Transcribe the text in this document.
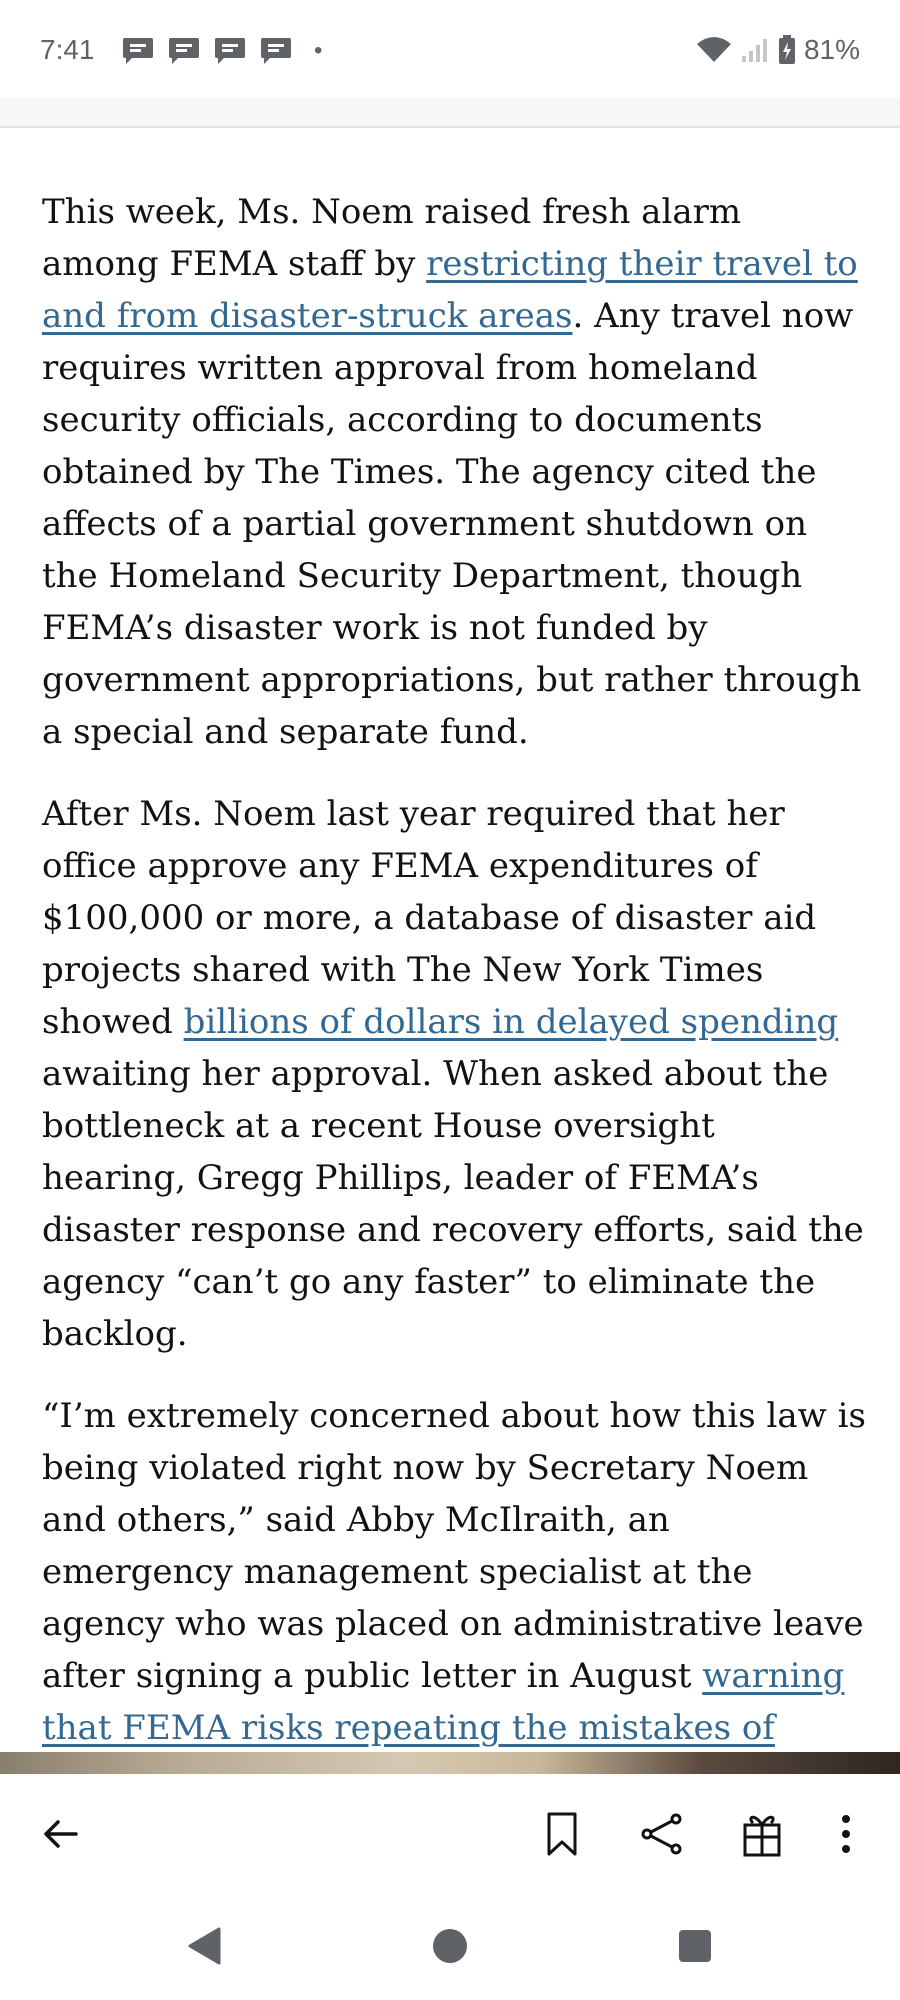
7:41	•	81%

This week, Ms. Noem raised fresh alarm among FEMA staff by restricting their travel to and from disaster-struck areas. Any travel now requires written approval from homeland security officials, according to documents obtained by The Times. The agency cited the affects of a partial government shutdown on the Homeland Security Department, though FEMA’s disaster work is not funded by government appropriations, but rather through a special and separate fund.

After Ms. Noem last year required that her office approve any FEMA expenditures of $100,000 or more, a database of disaster aid projects shared with The New York Times showed billions of dollars in delayed spending awaiting her approval. When asked about the bottleneck at a recent House oversight hearing, Gregg Phillips, leader of FEMA’s disaster response and recovery efforts, said the agency “can’t go any faster” to eliminate the backlog.

“I’m extremely concerned about how this law is being violated right now by Secretary Noem and others,” said Abby McIlraith, an emergency management specialist at the agency who was placed on administrative leave after signing a public letter in August warning that FEMA risks repeating the mistakes of
